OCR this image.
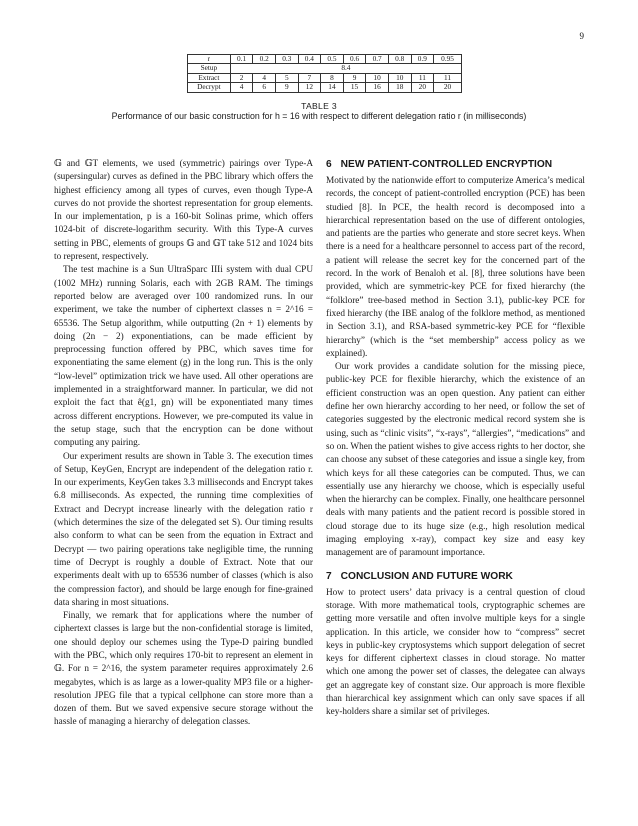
9
r	0.1	0.2	0.3	0.4	0.5	0.6	0.7	0.8	0.9	0.95
Setup	8.4									
Extract	2	4	5	7	8	9	10	10	11	11
Decrypt	4	6	9	12	14	15	16	18	20	20
TABLE 3
Performance of our basic construction for h = 16 with respect to different delegation ratio r (in milliseconds)

𝔾 and 𝔾T elements, we used (symmetric) pairings over Type-A (supersingular) curves as defined in the PBC library which offers the highest efficiency among all types of curves, even though Type-A curves do not provide the shortest representation for group elements. In our implementation, p is a 160-bit Solinas prime, which offers 1024-bit of discrete-logarithm security. With this Type-A curves setting in PBC, elements of groups 𝔾 and 𝔾T take 512 and 1024 bits to represent, respectively.

The test machine is a Sun UltraSparc IIIi system with dual CPU (1002 MHz) running Solaris, each with 2GB RAM. The timings reported below are averaged over 100 randomized runs. In our experiment, we take the number of ciphertext classes n = 2^16 = 65536. The Setup algorithm, while outputting (2n + 1) elements by doing (2n − 2) exponentiations, can be made efficient by preprocessing function offered by PBC, which saves time for exponentiating the same element (g) in the long run. This is the only “low-level” optimization trick we have used. All other operations are implemented in a straightforward manner. In particular, we did not exploit the fact that ê(g1, gn) will be exponentiated many times across different encryptions. However, we pre-computed its value in the setup stage, such that the encryption can be done without computing any pairing.

Our experiment results are shown in Table 3. The execution times of Setup, KeyGen, Encrypt are independent of the delegation ratio r. In our experiments, KeyGen takes 3.3 milliseconds and Encrypt takes 6.8 milliseconds. As expected, the running time complexities of Extract and Decrypt increase linearly with the delegation ratio r (which determines the size of the delegated set S). Our timing results also conform to what can be seen from the equation in Extract and Decrypt — two pairing operations take negligible time, the running time of Decrypt is roughly a double of Extract. Note that our experiments dealt with up to 65536 number of classes (which is also the compression factor), and should be large enough for fine-grained data sharing in most situations.

Finally, we remark that for applications where the number of ciphertext classes is large but the non-confidential storage is limited, one should deploy our schemes using the Type-D pairing bundled with the PBC, which only requires 170-bit to represent an element in 𝔾. For n = 2^16, the system parameter requires approximately 2.6 megabytes, which is as large as a lower-quality MP3 file or a higher-resolution JPEG file that a typical cellphone can store more than a dozen of them. But we saved expensive secure storage without the hassle of managing a hierarchy of delegation classes.

6 NEW PATIENT-CONTROLLED ENCRYPTION

Motivated by the nationwide effort to computerize America’s medical records, the concept of patient-controlled encryption (PCE) has been studied [8]. In PCE, the health record is decomposed into a hierarchical representation based on the use of different ontologies, and patients are the parties who generate and store secret keys. When there is a need for a healthcare personnel to access part of the record, a patient will release the secret key for the concerned part of the record. In the work of Benaloh et al. [8], three solutions have been provided, which are symmetric-key PCE for fixed hierarchy (the “folklore” tree-based method in Section 3.1), public-key PCE for fixed hierarchy (the IBE analog of the folklore method, as mentioned in Section 3.1), and RSA-based symmetric-key PCE for “flexible hierarchy” (which is the “set membership” access policy as we explained).

Our work provides a candidate solution for the missing piece, public-key PCE for flexible hierarchy, which the existence of an efficient construction was an open question. Any patient can either define her own hierarchy according to her need, or follow the set of categories suggested by the electronic medical record system she is using, such as “clinic visits”, “x-rays”, “allergies”, “medications” and so on. When the patient wishes to give access rights to her doctor, she can choose any subset of these categories and issue a single key, from which keys for all these categories can be computed. Thus, we can essentially use any hierarchy we choose, which is especially useful when the hierarchy can be complex. Finally, one healthcare personnel deals with many patients and the patient record is possible stored in cloud storage due to its huge size (e.g., high resolution medical imaging employing x-ray), compact key size and easy key management are of paramount importance.

7 CONCLUSION AND FUTURE WORK

How to protect users’ data privacy is a central question of cloud storage. With more mathematical tools, cryptographic schemes are getting more versatile and often involve multiple keys for a single application. In this article, we consider how to “compress” secret keys in public-key cryptosystems which support delegation of secret keys for different ciphertext classes in cloud storage. No matter which one among the power set of classes, the delegatee can always get an aggregate key of constant size. Our approach is more flexible than hierarchical key assignment which can only save spaces if all key-holders share a similar set of privileges.
